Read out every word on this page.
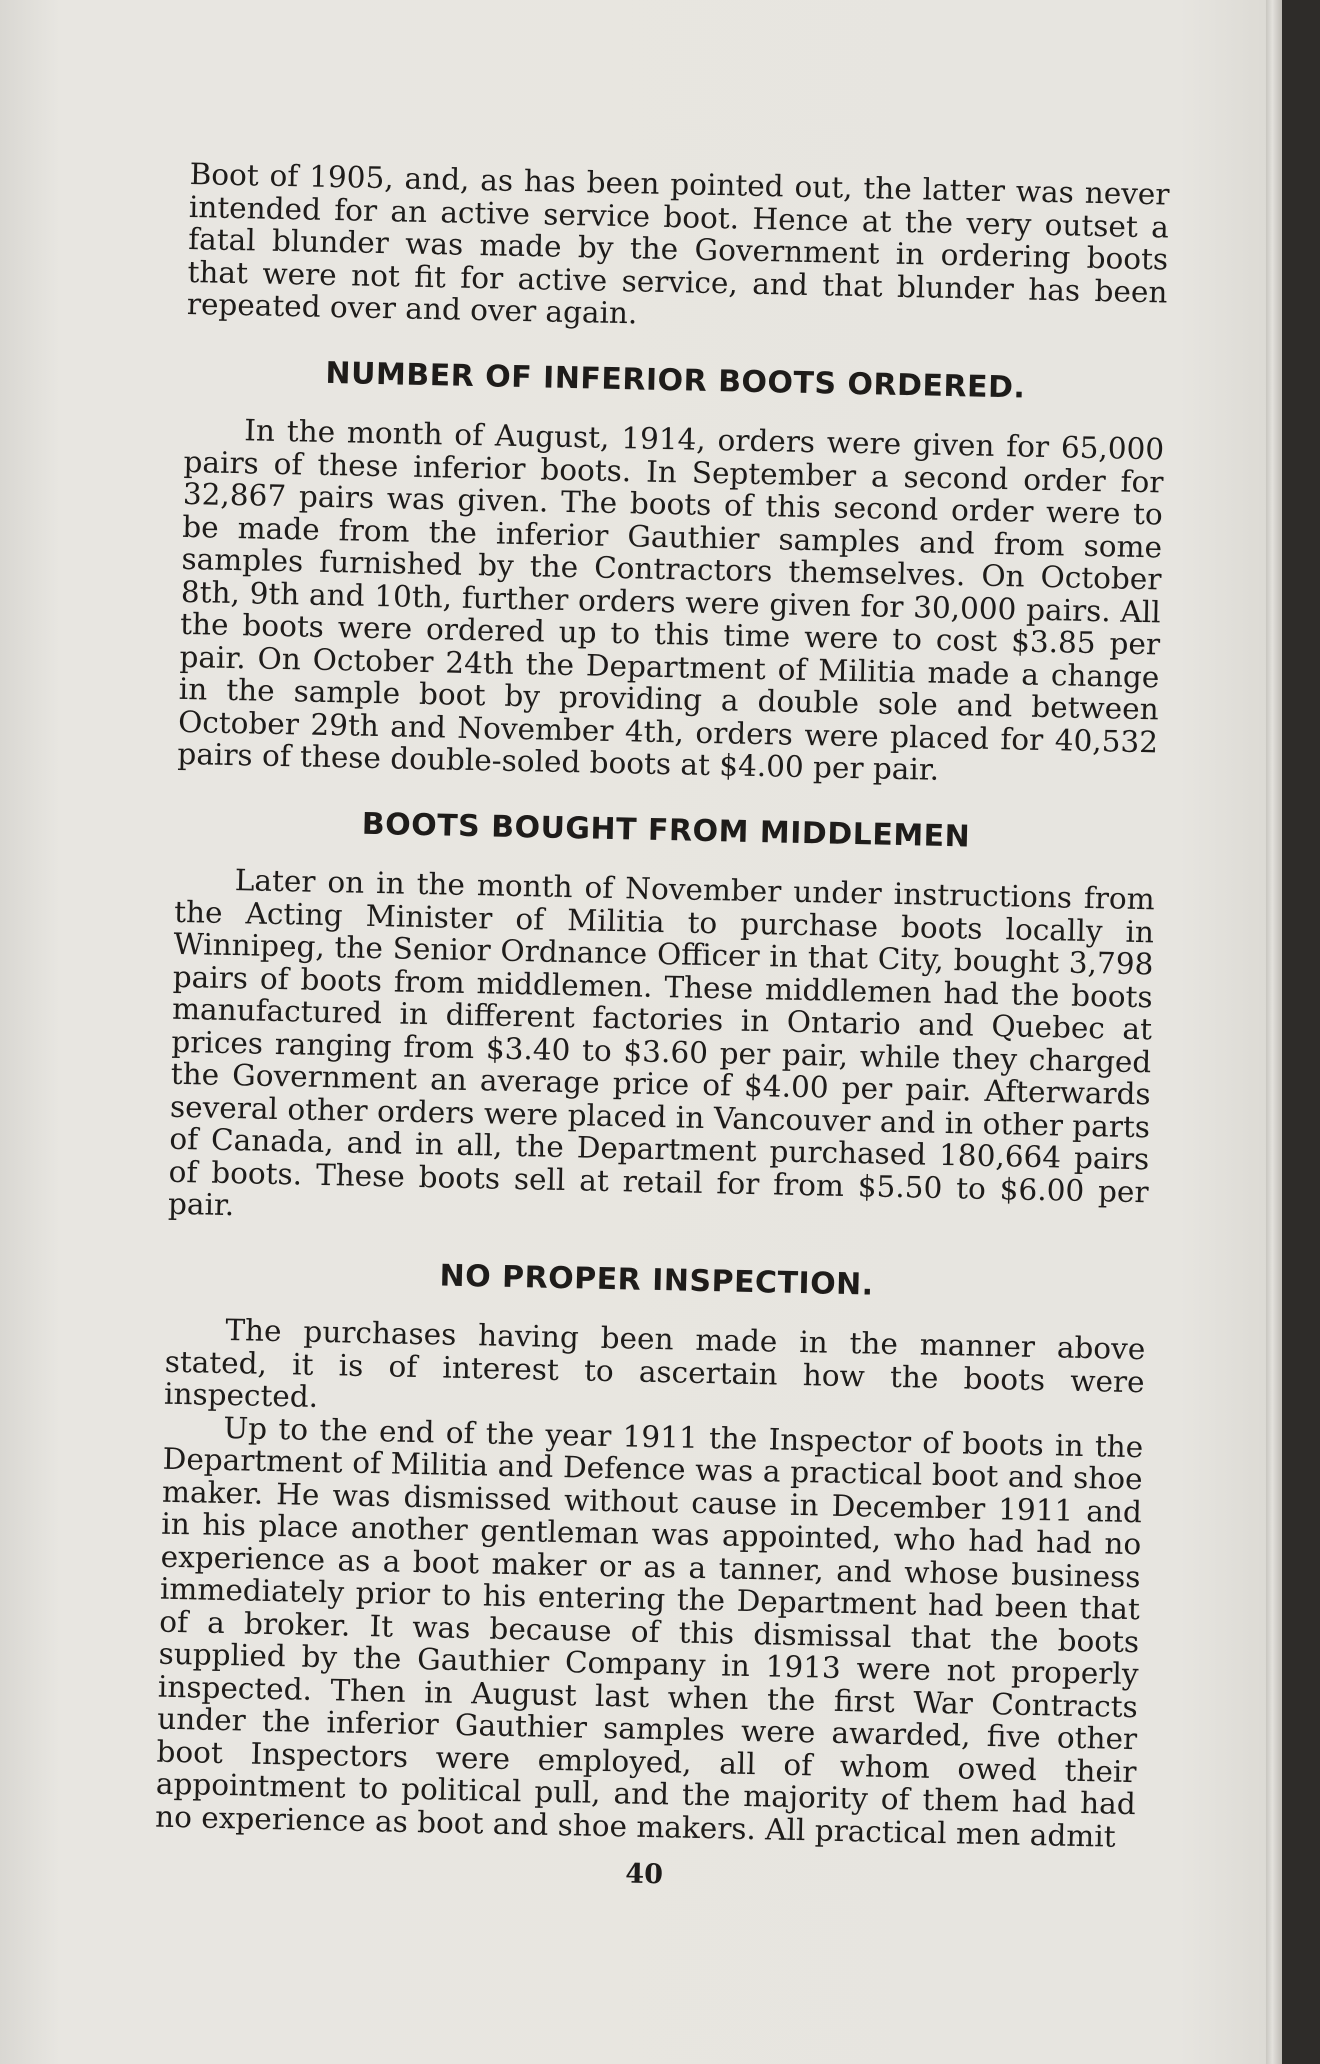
Boot of 1905, and, as has been pointed out, the latter was never intended for an active service boot. Hence at the very outset a fatal blunder was made by the Government in ordering boots that were not fit for active service, and that blunder has been repeated over and over again.

NUMBER OF INFERIOR BOOTS ORDERED.

In the month of August, 1914, orders were given for 65,000 pairs of these inferior boots. In September a second order for 32,867 pairs was given. The boots of this second order were to be made from the inferior Gauthier samples and from some samples furnished by the Contractors themselves. On October 8th, 9th and 10th, further orders were given for 30,000 pairs. All the boots were ordered up to this time were to cost $3.85 per pair. On October 24th the Department of Militia made a change in the sample boot by providing a double sole and between October 29th and November 4th, orders were placed for 40,532 pairs of these double-soled boots at $4.00 per pair.

BOOTS BOUGHT FROM MIDDLEMEN

Later on in the month of November under instructions from the Acting Minister of Militia to purchase boots locally in Winnipeg, the Senior Ordnance Officer in that City, bought 3,798 pairs of boots from middlemen. These middlemen had the boots manufactured in different factories in Ontario and Quebec at prices ranging from $3.40 to $3.60 per pair, while they charged the Government an average price of $4.00 per pair. Afterwards several other orders were placed in Vancouver and in other parts of Canada, and in all, the Department purchased 180,664 pairs of boots. These boots sell at retail for from $5.50 to $6.00 per pair.

NO PROPER INSPECTION.

The purchases having been made in the manner above stated, it is of interest to ascertain how the boots were inspected.

Up to the end of the year 1911 the Inspector of boots in the Department of Militia and Defence was a practical boot and shoe maker. He was dismissed without cause in December 1911 and in his place another gentleman was appointed, who had had no experience as a boot maker or as a tanner, and whose business immediately prior to his entering the Department had been that of a broker. It was because of this dismissal that the boots supplied by the Gauthier Company in 1913 were not properly inspected. Then in August last when the first War Contracts under the inferior Gauthier samples were awarded, five other boot Inspectors were employed, all of whom owed their appointment to political pull, and the majority of them had had no experience as boot and shoe makers. All practical men admit

40
